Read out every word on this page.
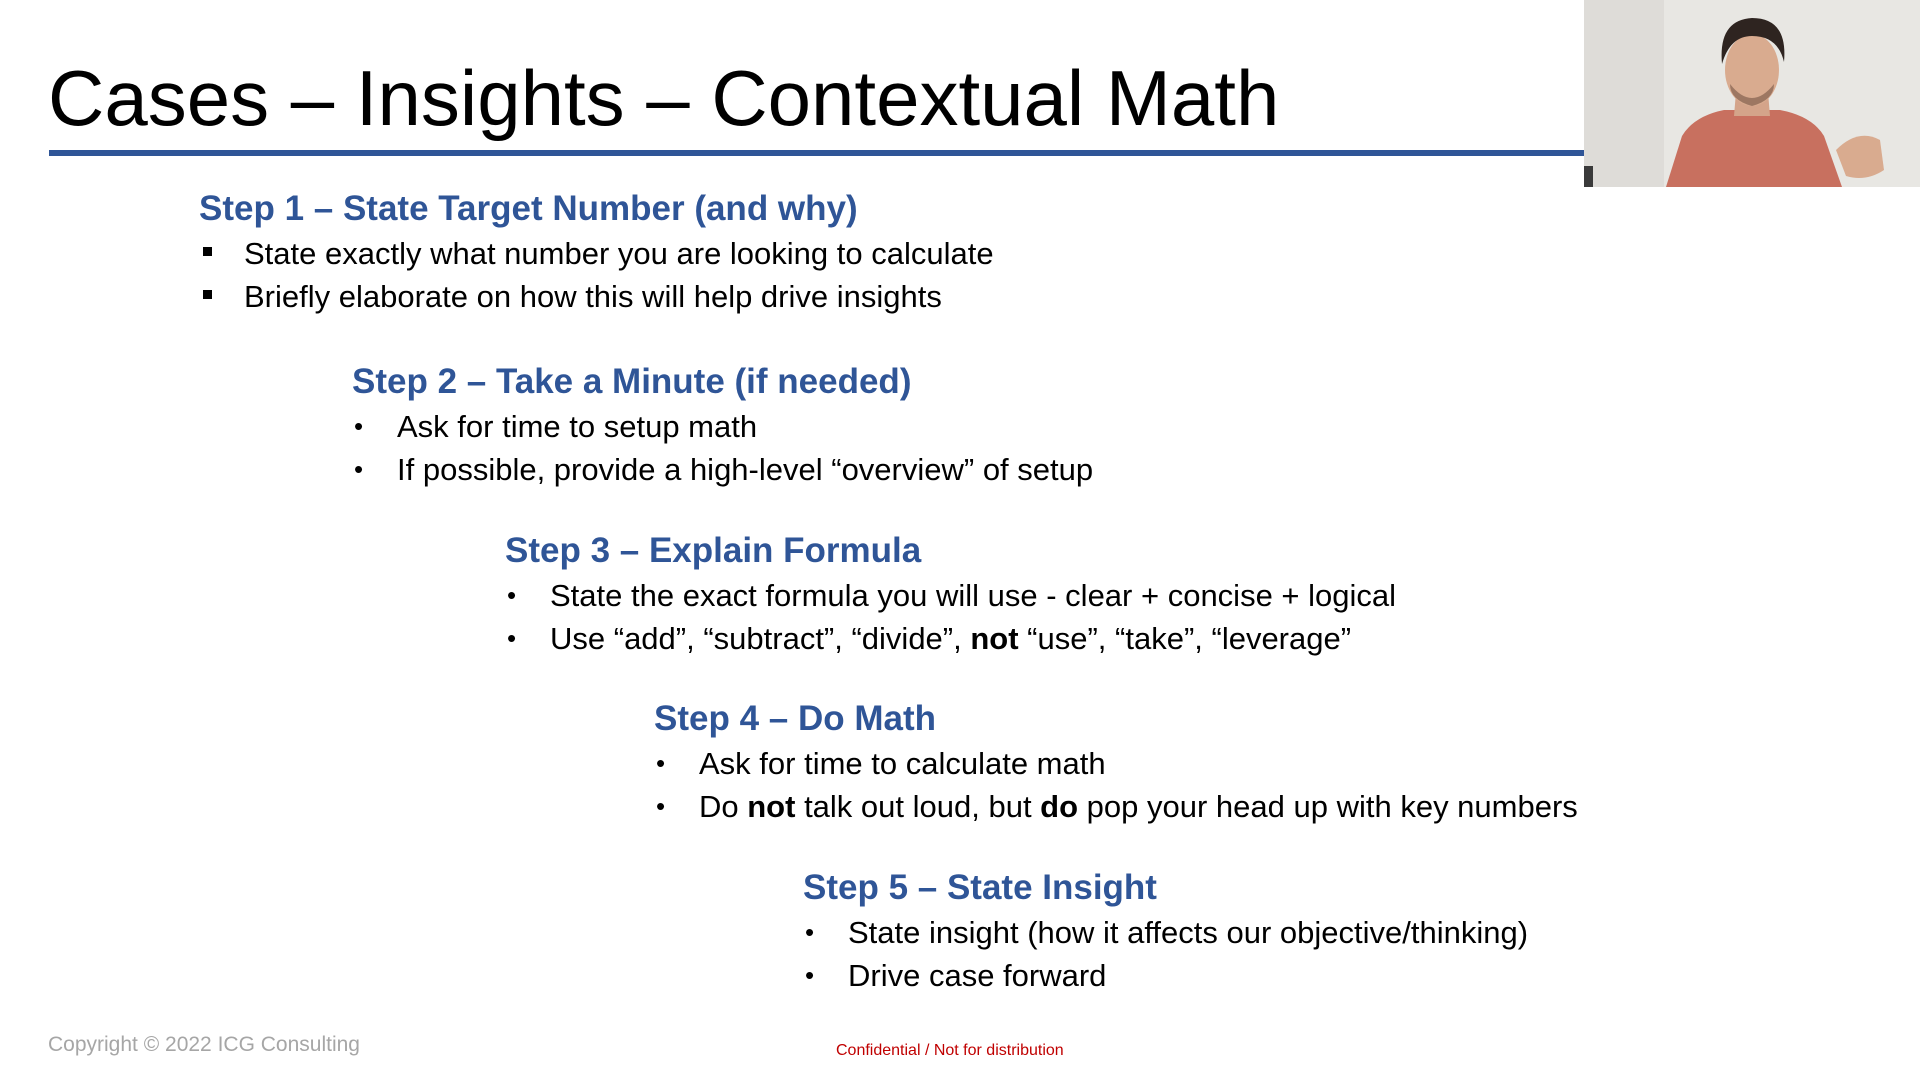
Cases – Insights – Contextual Math
Step 1 – State Target Number (and why)
State exactly what number you are looking to calculate
Briefly elaborate on how this will help drive insights
Step 2 – Take a Minute (if needed)
• Ask for time to setup math
• If possible, provide a high-level “overview” of setup
Step 3 – Explain Formula
• State the exact formula you will use - clear + concise + logical
• Use “add”, “subtract”, “divide”, not “use”, “take”, “leverage”
Step 4 – Do Math
• Ask for time to calculate math
• Do not talk out loud, but do pop your head up with key numbers
Step 5 – State Insight
• State insight (how it affects our objective/thinking)
• Drive case forward
Copyright © 2022 ICG Consulting	Confidential / Not for distribution
